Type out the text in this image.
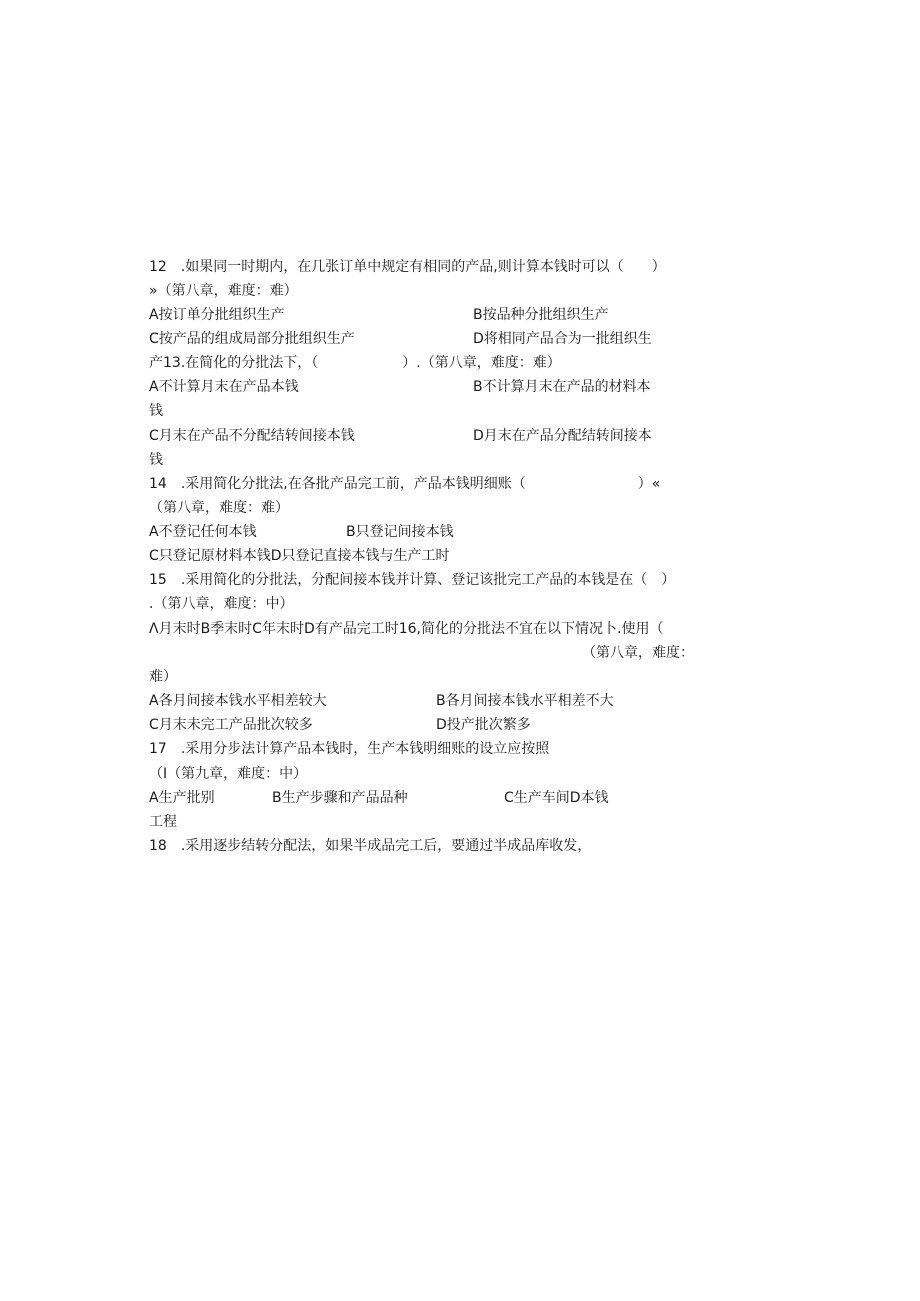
12　.如果同一时期内，在几张订单中规定有相同的产品,则计算本钱时可以（　　）
»（第八章，难度：难）
A按订单分批组织生产	B按品种分批组织生产
C按产品的组成局部分批组织生产	D将相同产品合为一批组织生
产13.在简化的分批法下，（　　　　　　）.（第八章，难度：难）
A不计算月末在产品本钱	B不计算月末在产品的材料本
钱
C月末在产品不分配结转间接本钱	D月末在产品分配结转间接本
钱
14　.采用简化分批法,在各批产品完工前，产品本钱明细账（　　　　　　　　）«
（第八章，难度：难）
A不登记任何本钱	B只登记间接本钱
C只登记原材料本钱D只登记直接本钱与生产工时
15　.采用简化的分批法，分配间接本钱并计算、登记该批完工产品的本钱是在（　）
.（第八章，难度：中）
Λ月末时B季末时C年末时D有产品完工时16,简化的分批法不宜在以下情况卜.使用（
（第八章，难度：
难）
A各月间接本钱水平相差较大	B各月间接本钱水平相差不大
C月末未完工产品批次较多	D投产批次繁多
17　.采用分步法计算产品本钱时，生产本钱明细账的设立应按照
（I（第九章，难度：中）
A生产批别	B生产步骤和产品品种	C生产车间D本钱
工程
18　.采用逐步结转分配法，如果半成品完工后，要通过半成品库收发，
